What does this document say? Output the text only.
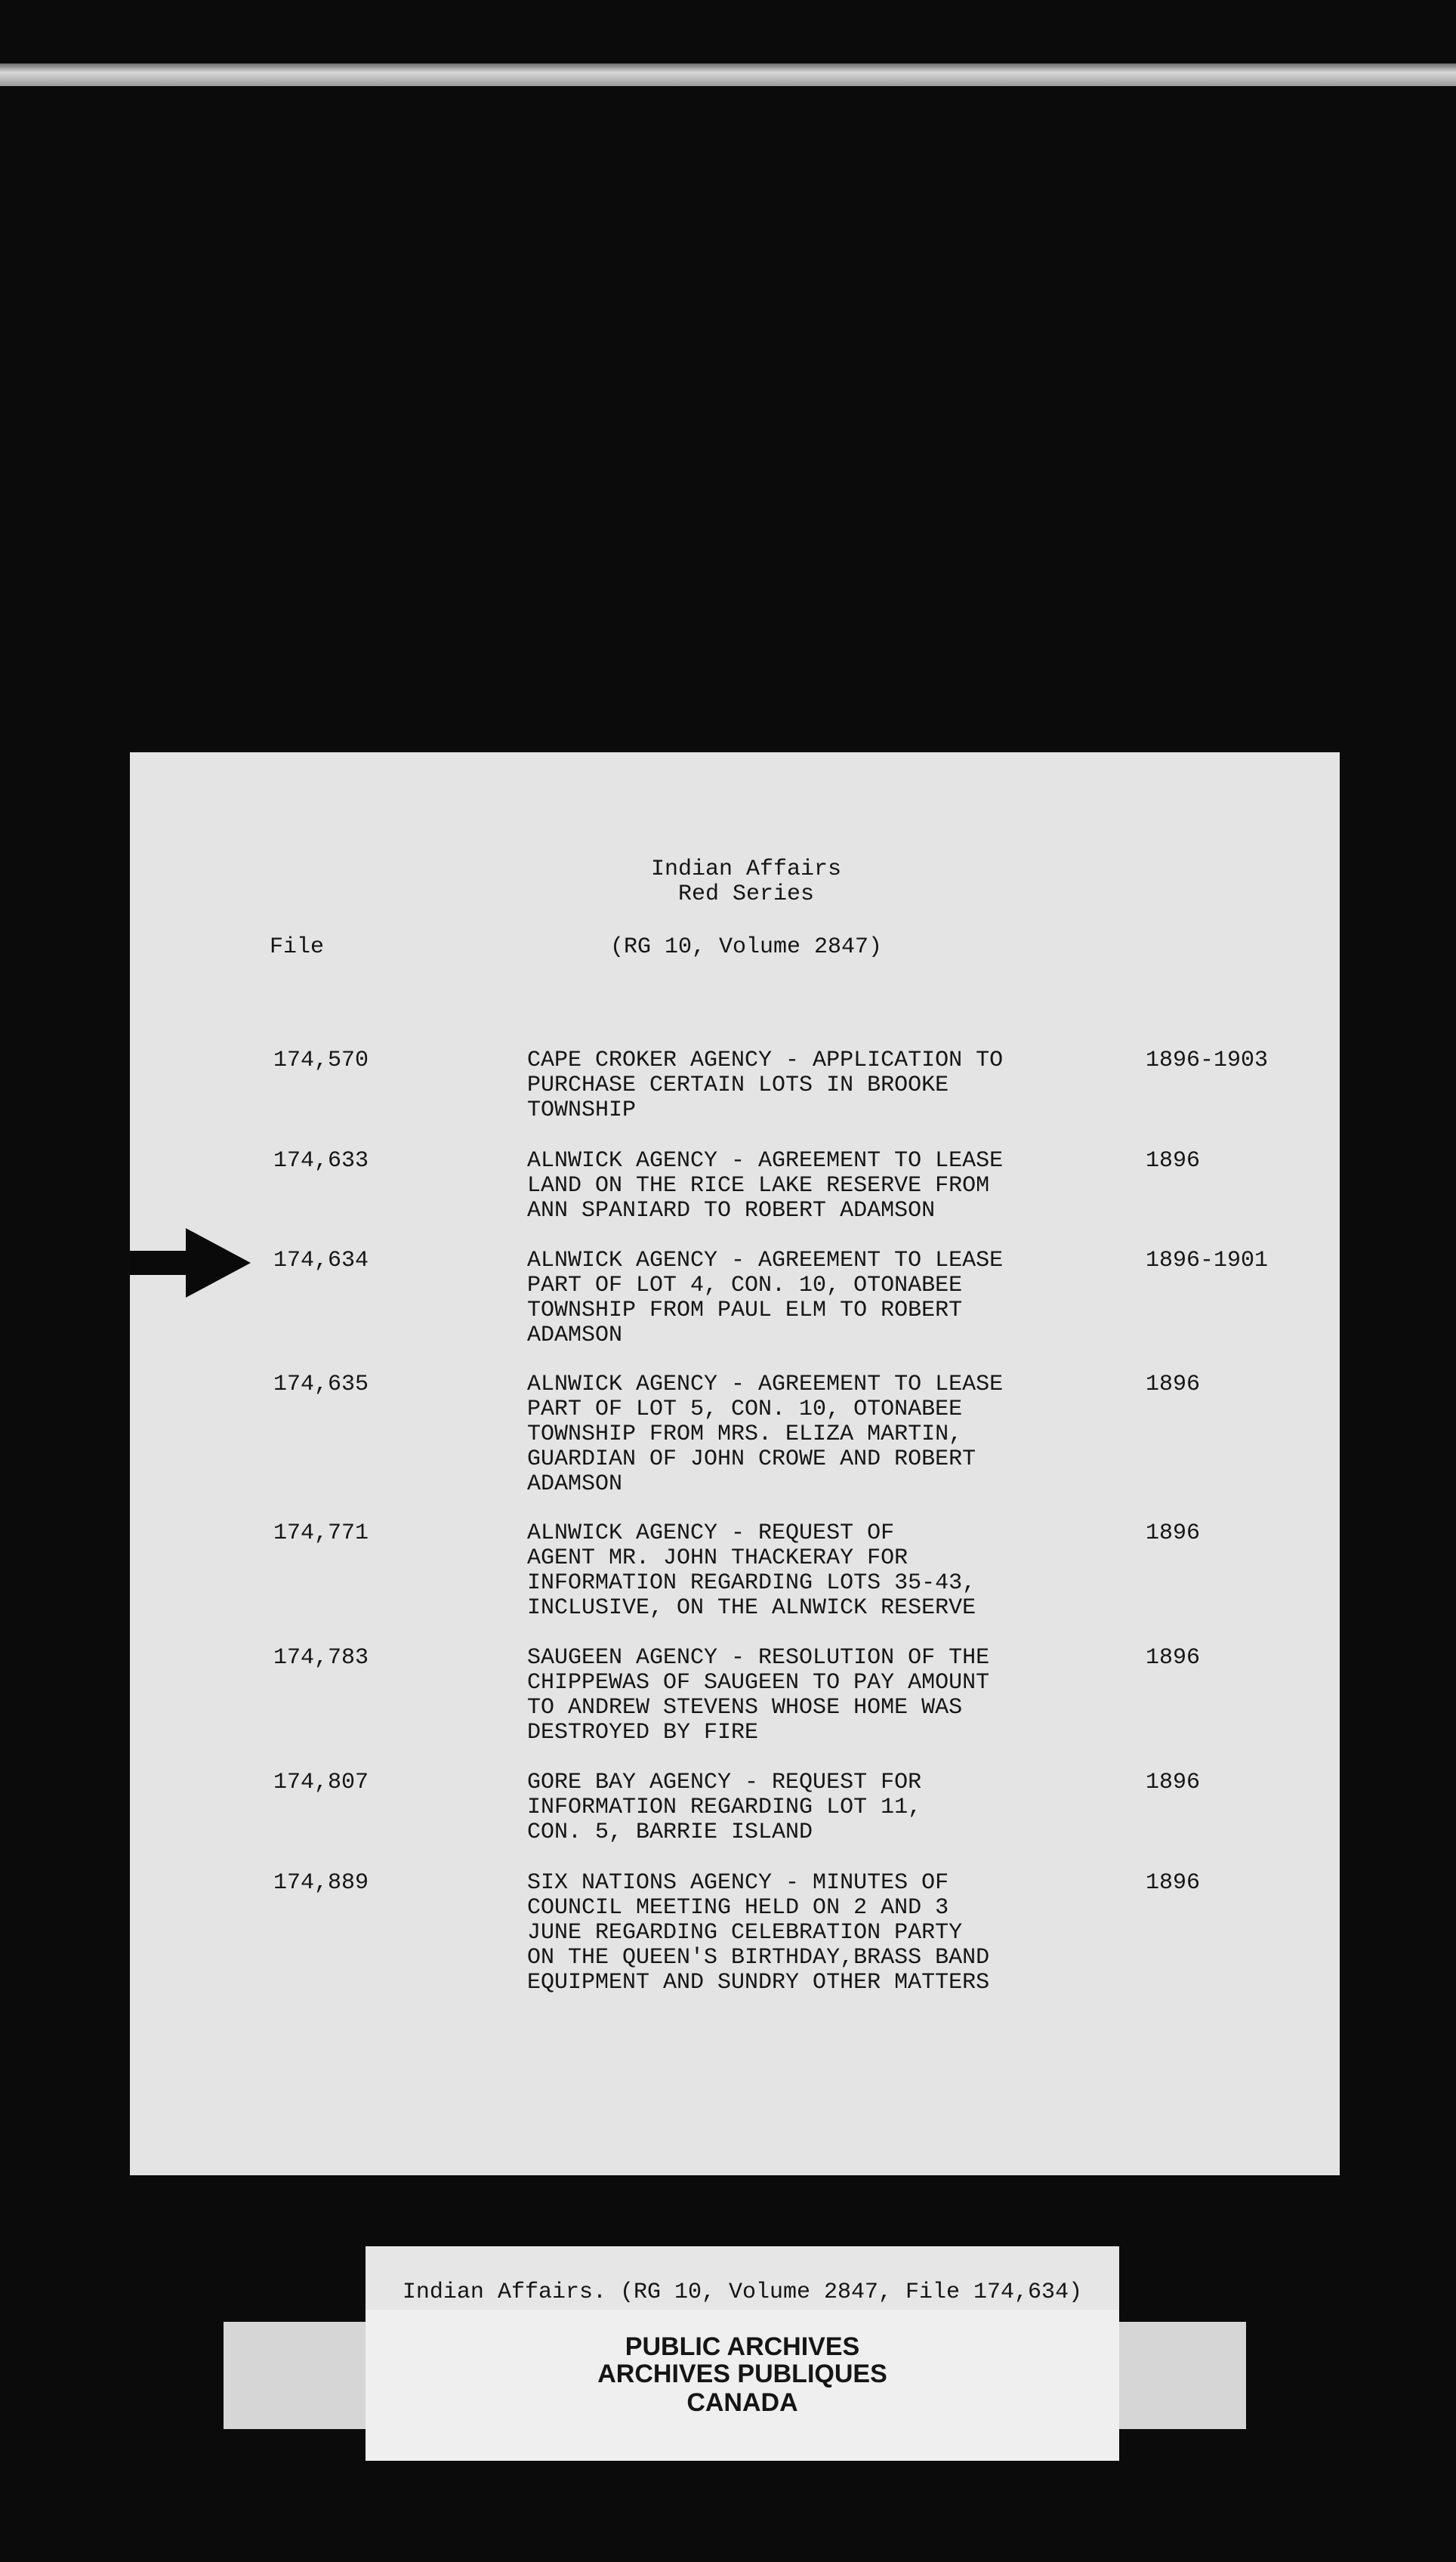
Indian Affairs
Red Series
File	(RG 10, Volume 2847)
174,570	CAPE CROKER AGENCY - APPLICATION TO
PURCHASE CERTAIN LOTS IN BROOKE
TOWNSHIP
1896-1903
174,633	ALNWICK AGENCY - AGREEMENT TO LEASE
LAND ON THE RICE LAKE RESERVE FROM
ANN SPANIARD TO ROBERT ADAMSON
1896
174,634	ALNWICK AGENCY - AGREEMENT TO LEASE
PART OF LOT 4, CON. 10, OTONABEE
TOWNSHIP FROM PAUL ELM TO ROBERT
ADAMSON
1896-1901
174,635	ALNWICK AGENCY - AGREEMENT TO LEASE
PART OF LOT 5, CON. 10, OTONABEE
TOWNSHIP FROM MRS. ELIZA MARTIN,
GUARDIAN OF JOHN CROWE AND ROBERT
ADAMSON
1896
174,771	ALNWICK AGENCY - REQUEST OF
AGENT MR. JOHN THACKERAY FOR
INFORMATION REGARDING LOTS 35-43,
INCLUSIVE, ON THE ALNWICK RESERVE
1896
174,783	SAUGEEN AGENCY - RESOLUTION OF THE
CHIPPEWAS OF SAUGEEN TO PAY AMOUNT
TO ANDREW STEVENS WHOSE HOME WAS
DESTROYED BY FIRE
1896
174,807	GORE BAY AGENCY - REQUEST FOR
INFORMATION REGARDING LOT 11,
CON. 5, BARRIE ISLAND
1896
174,889	SIX NATIONS AGENCY - MINUTES OF
COUNCIL MEETING HELD ON 2 AND 3
JUNE REGARDING CELEBRATION PARTY
ON THE QUEEN'S BIRTHDAY,BRASS BAND
EQUIPMENT AND SUNDRY OTHER MATTERS
1896
Indian Affairs. (RG 10, Volume 2847, File 174,634)
PUBLIC ARCHIVES
ARCHIVES PUBLIQUES
CANADA
